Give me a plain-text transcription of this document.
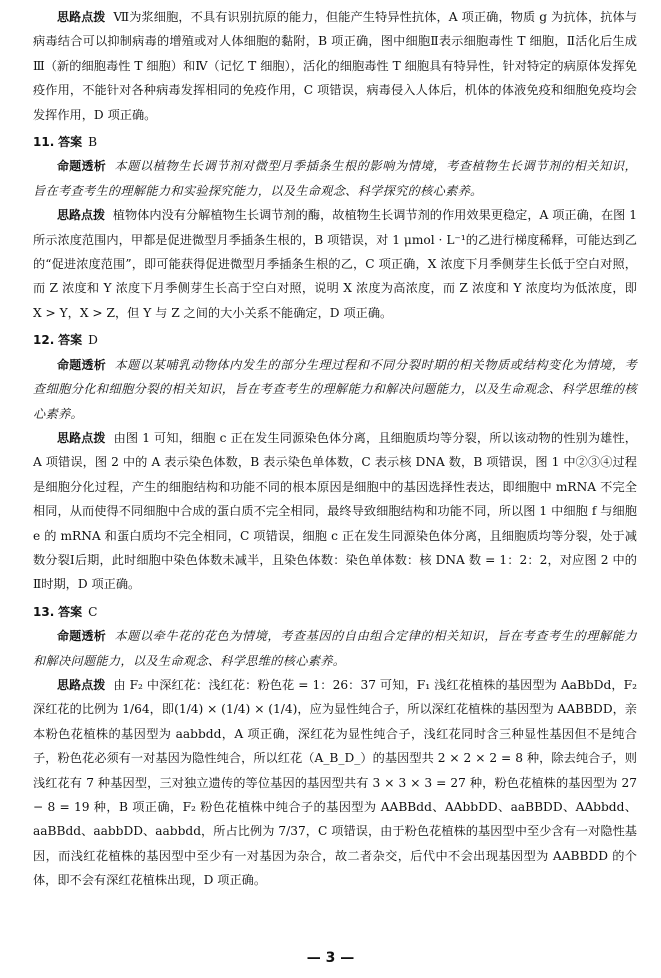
思路点拨 Ⅶ为浆细胞，不具有识别抗原的能力，但能产生特异性抗体，A 项正确，物质 g 为抗体，抗体与病毒结合可以抑制病毒的增殖或对人体细胞的黏附，B 项正确，图中细胞Ⅱ表示细胞毒性 T 细胞，Ⅱ活化后生成Ⅲ（新的细胞毒性 T 细胞）和Ⅳ（记忆 T 细胞），活化的细胞毒性 T 细胞具有特异性，针对特定的病原体发挥免疫作用，不能针对各种病毒发挥相同的免疫作用，C 项错误，病毒侵入人体后，机体的体液免疫和细胞免疫均会发挥作用，D 项正确。

11. 答案 B

命题透析 本题以植物生长调节剂对微型月季插条生根的影响为情境，考查植物生长调节剂的相关知识，旨在考查考生的理解能力和实验探究能力，以及生命观念、科学探究的核心素养。

思路点拨 植物体内没有分解植物生长调节剂的酶，故植物生长调节剂的作用效果更稳定，A 项正确，在图 1 所示浓度范围内，甲都是促进微型月季插条生根的，B 项错误，对 1 μmol · L⁻¹的乙进行梯度稀释，可能达到乙的“促进浓度范围”，即可能获得促进微型月季插条生根的乙，C 项正确，X 浓度下月季侧芽生长低于空白对照，而 Z 浓度和 Y 浓度下月季侧芽生长高于空白对照，说明 X 浓度为高浓度，而 Z 浓度和 Y 浓度均为低浓度，即 X > Y，X > Z，但 Y 与 Z 之间的大小关系不能确定，D 项正确。

12. 答案 D

命题透析 本题以某哺乳动物体内发生的部分生理过程和不同分裂时期的相关物质或结构变化为情境，考查细胞分化和细胞分裂的相关知识，旨在考查考生的理解能力和解决问题能力，以及生命观念、科学思维的核心素养。

思路点拨 由图 1 可知，细胞 c 正在发生同源染色体分离，且细胞质均等分裂，所以该动物的性别为雄性，A 项错误，图 2 中的 A 表示染色体数，B 表示染色单体数，C 表示核 DNA 数，B 项错误，图 1 中②③④过程是细胞分化过程，产生的细胞结构和功能不同的根本原因是细胞中的基因选择性表达，即细胞中 mRNA 不完全相同，从而使得不同细胞中合成的蛋白质不完全相同，最终导致细胞结构和功能不同，所以图 1 中细胞 f 与细胞 e 的 mRNA 和蛋白质均不完全相同，C 项错误，细胞 c 正在发生同源染色体分离，且细胞质均等分裂，处于减数分裂Ⅰ后期，此时细胞中染色体数未减半，且染色体数：染色单体数：核 DNA 数 = 1：2：2，对应图 2 中的Ⅱ时期，D 项正确。

13. 答案 C

命题透析 本题以牵牛花的花色为情境，考查基因的自由组合定律的相关知识，旨在考查考生的理解能力和解决问题能力，以及生命观念、科学思维的核心素养。

思路点拨 由 F₂ 中深红花：浅红花：粉色花 = 1：26：37 可知，F₁ 浅红花植株的基因型为 AaBbDd，F₂ 深红花的比例为 1/64，即(1/4) × (1/4) × (1/4)，应为显性纯合子，所以深红花植株的基因型为 AABBDD，亲本粉色花植株的基因型为 aabbdd，A 项正确，深红花为显性纯合子，浅红花同时含三种显性基因但不是纯合子，粉色花必须有一对基因为隐性纯合，所以红花（A_B_D_）的基因型共 2 × 2 × 2 = 8 种，除去纯合子，则浅红花有 7 种基因型，三对独立遗传的等位基因的基因型共有 3 × 3 × 3 = 27 种，粉色花植株的基因型为 27 − 8 = 19 种，B 项正确，F₂ 粉色花植株中纯合子的基因型为 AABBdd、AAbbDD、aaBBDD、AAbbdd、aaBBdd、aabbDD、aabbdd，所占比例为 7/37，C 项错误，由于粉色花植株的基因型中至少含有一对隐性基因，而浅红花植株的基因型中至少有一对基因为杂合，故二者杂交，后代中不会出现基因型为 AABBDD 的个体，即不会有深红花植株出现，D 项正确。

— 3 —
